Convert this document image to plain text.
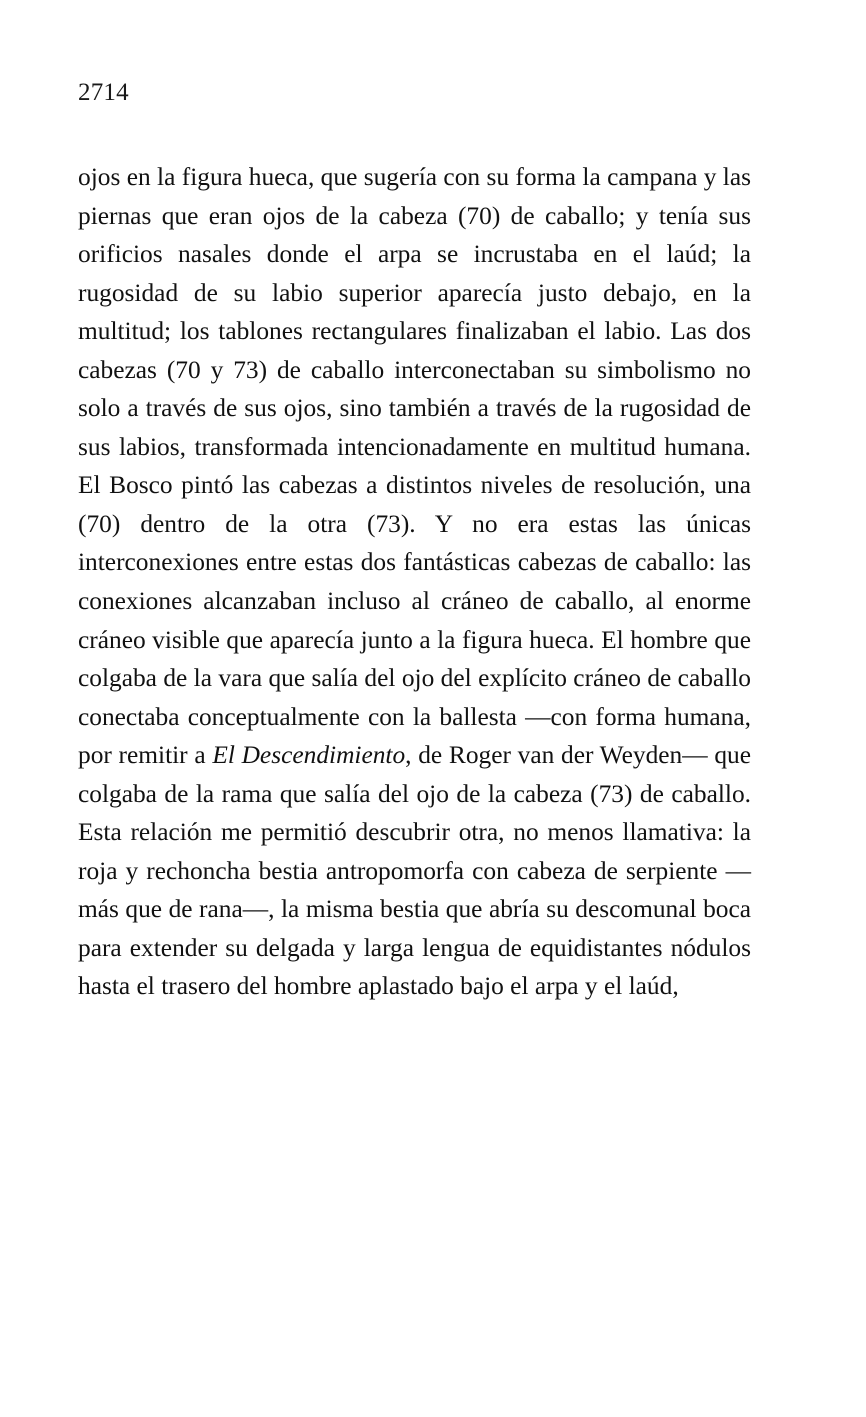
2714

ojos en la figura hueca, que sugería con su forma la campana y las piernas que eran ojos de la cabeza (70) de caballo; y tenía sus orificios nasales donde el arpa se incrustaba en el laúd; la rugosidad de su labio superior aparecía justo debajo, en la multitud; los tablones rectangulares finalizaban el labio. Las dos cabezas (70 y 73) de caballo interconectaban su simbolismo no solo a través de sus ojos, sino también a través de la rugosidad de sus labios, transformada intencionadamente en multitud humana. El Bosco pintó las cabezas a distintos niveles de resolución, una (70) dentro de la otra (73). Y no era estas las únicas interconexiones entre estas dos fantásticas cabezas de caballo: las conexiones alcanzaban incluso al cráneo de caballo, al enorme cráneo visible que aparecía junto a la figura hueca. El hombre que colgaba de la vara que salía del ojo del explícito cráneo de caballo conectaba conceptualmente con la ballesta —con forma humana, por remitir a El Descendimiento, de Roger van der Weyden— que colgaba de la rama que salía del ojo de la cabeza (73) de caballo. Esta relación me permitió descubrir otra, no menos llamativa: la roja y rechoncha bestia antropomorfa con cabeza de serpiente —más que de rana—, la misma bestia que abría su descomunal boca para extender su delgada y larga lengua de equidistantes nódulos hasta el trasero del hombre aplastado bajo el arpa y el laúd,
